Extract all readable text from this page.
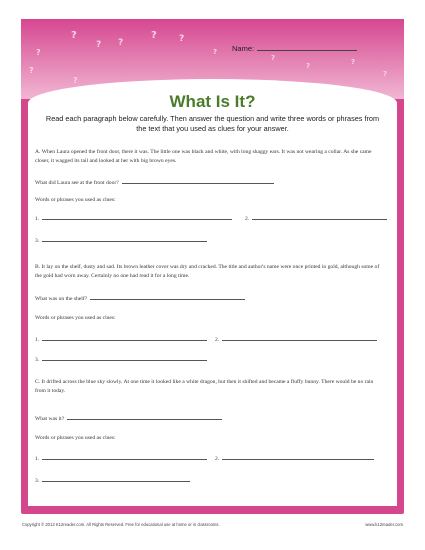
?
? ?
? ?
?
?
?
?
?
?	?
?
Name:
What Is It?
Read each paragraph below carefully. Then answer the question and write three words or phrases from the text that you used as clues for your answer.
A. When Laura opened the front door, there it was. The little one was black and white, with long shaggy ears. It was not wearing a collar. As she came closer, it wagged its tail and looked at her with big brown eyes.
What did Laura see at the front door?
Words or phrases you used as clues:
1.	2.
3.
B. It lay on the shelf, dusty and sad. Its brown leather cover was dry and cracked. The title and author's name were once printed in gold, although some of the gold had worn away. Certainly no one had read it for a long time.
What was on the shelf?
Words or phrases you used as clues:
1.	2.
3.
C. It drifted across the blue sky slowly. At one time it looked like a white dragon, but then it shifted and became a fluffy bunny. There would be no rain from it today.
What was it?
Words or phrases you used as clues:
1.	2.
3.
Copyright © 2013 K12reader.com. All Rights Reserved. Free for educational use at home or in classrooms.	www.k12reader.com
